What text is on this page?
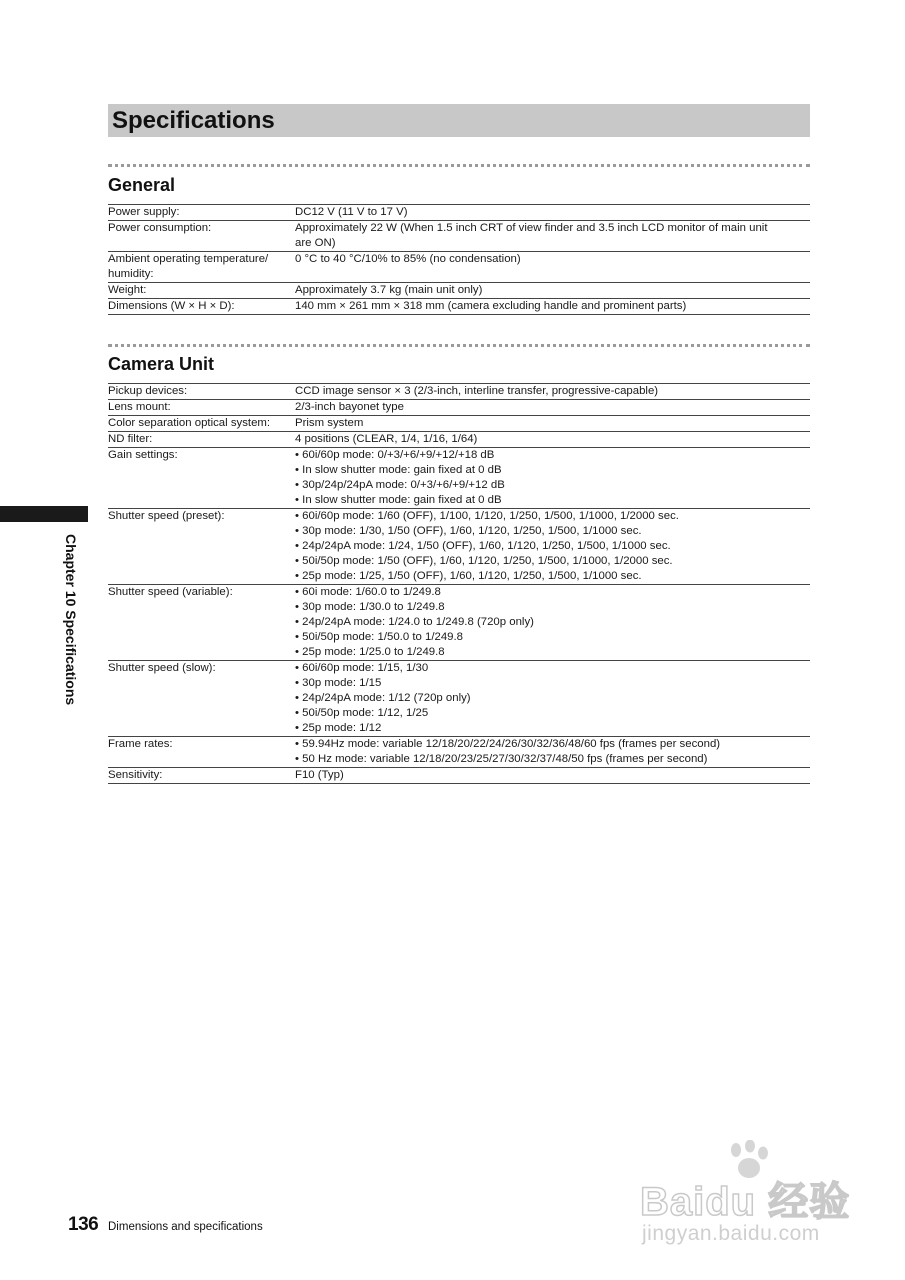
Specifications
General
Power supply:	DC12 V (11 V to 17 V)

Power consumption:	Approximately 22 W (When 1.5 inch CRT of view finder and 3.5 inch LCD monitor of main unit
are ON)

Ambient operating temperature/ humidity:	0 °C to 40 °C/10% to 85% (no condensation)

Weight:	Approximately 3.7 kg (main unit only)

Dimensions (W × H × D):	140 mm × 261 mm × 318 mm (camera excluding handle and prominent parts)
Camera Unit
Pickup devices:	CCD image sensor × 3 (2/3-inch, interline transfer, progressive-capable)

Lens mount:	2/3-inch bayonet type

Color separation optical system:	Prism system

ND filter:	4 positions (CLEAR, 1/4, 1/16, 1/64)

Gain settings:	• 60i/60p mode: 0/+3/+6/+9/+12/+18 dB
• In slow shutter mode: gain fixed at 0 dB
• 30p/24p/24pA mode: 0/+3/+6/+9/+12 dB
• In slow shutter mode: gain fixed at 0 dB

Shutter speed (preset):	• 60i/60p mode: 1/60 (OFF), 1/100, 1/120, 1/250, 1/500, 1/1000, 1/2000 sec.
• 30p mode: 1/30, 1/50 (OFF), 1/60, 1/120, 1/250, 1/500, 1/1000 sec.
• 24p/24pA mode: 1/24, 1/50 (OFF), 1/60, 1/120, 1/250, 1/500, 1/1000 sec.
• 50i/50p mode: 1/50 (OFF), 1/60, 1/120, 1/250, 1/500, 1/1000, 1/2000 sec.
• 25p mode: 1/25, 1/50 (OFF), 1/60, 1/120, 1/250, 1/500, 1/1000 sec.

Shutter speed (variable):	• 60i mode: 1/60.0 to 1/249.8
• 30p mode: 1/30.0 to 1/249.8
• 24p/24pA mode: 1/24.0 to 1/249.8 (720p only)
• 50i/50p mode: 1/50.0 to 1/249.8
• 25p mode: 1/25.0 to 1/249.8

Shutter speed (slow):	• 60i/60p mode: 1/15, 1/30
• 30p mode: 1/15
• 24p/24pA mode: 1/12 (720p only)
• 50i/50p mode: 1/12, 1/25
• 25p mode: 1/12

Frame rates:	• 59.94Hz mode: variable 12/18/20/22/24/26/30/32/36/48/60 fps (frames per second)
• 50 Hz mode: variable 12/18/20/23/25/27/30/32/37/48/50 fps (frames per second)

Sensitivity:	F10 (Typ)
Chapter 10 Specifications
136 Dimensions and specifications
Baidu 经验
jingyan.baidu.com
